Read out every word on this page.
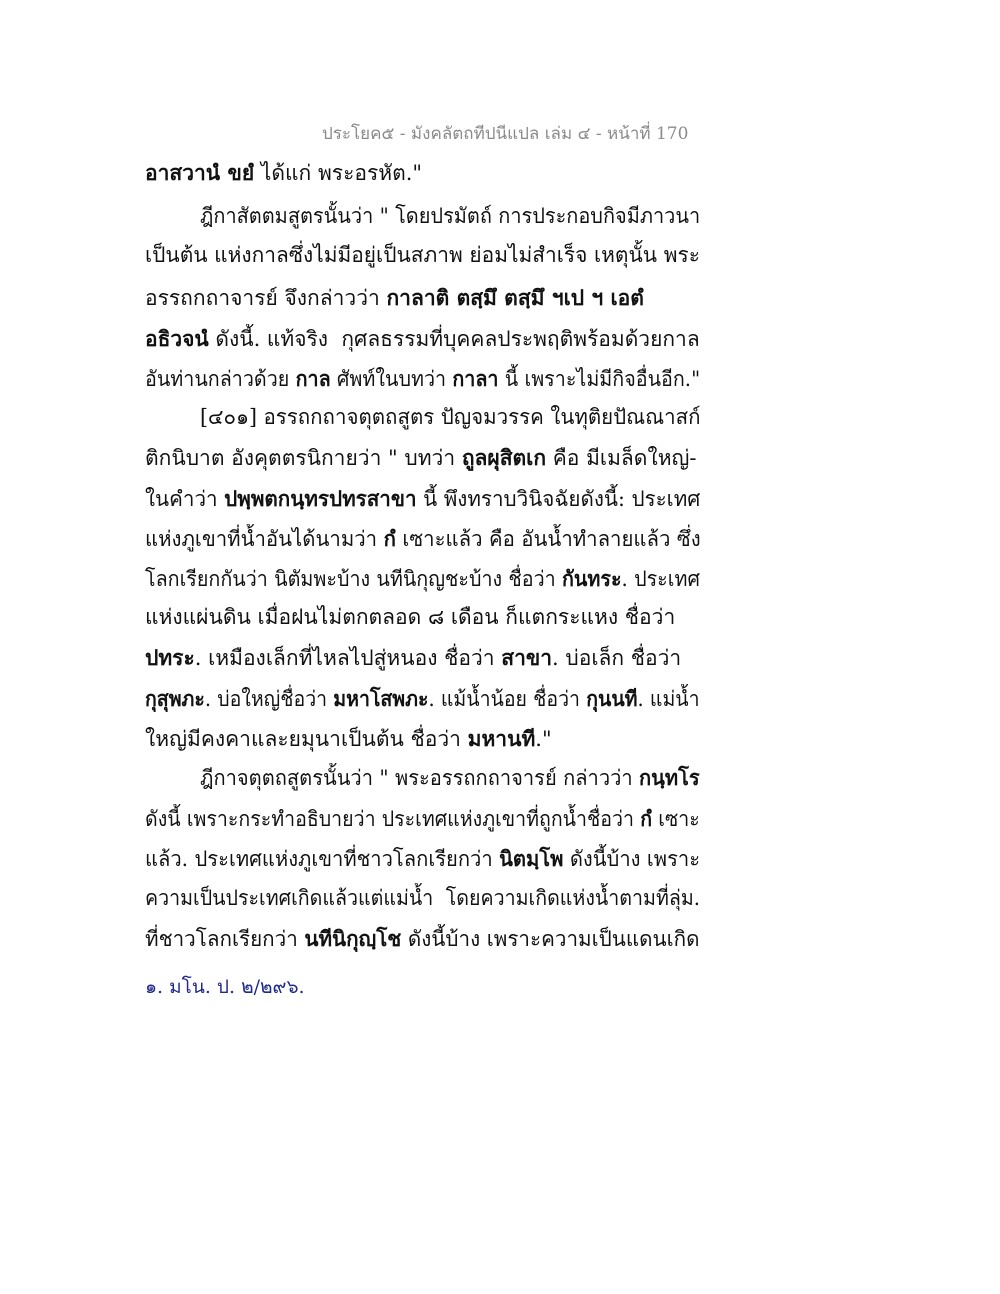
ประโยค๕ - มังคลัตถทีปนีแปล เล่ม ๔ - หน้าที่ 170
อาสวานํ ขยํ ได้แก่ พระอรหัต."
ฎีกาสัตตมสูตรนั้นว่า " โดยปรมัตถ์ การประกอบกิจมีภาวนา
เป็นต้น แห่งกาลซึ่งไม่มีอยู่เป็นสภาพ ย่อมไม่สำเร็จ เหตุนั้น พระ
อรรถกถาจารย์ จึงกล่าวว่า กาลาติ ตสฺมึ ตสฺมึ ฯเป ฯ เอตํ
อธิวจนํ ดังนี้. แท้จริง  กุศลธรรมที่บุคคลประพฤติพร้อมด้วยกาล
อันท่านกล่าวด้วย กาล ศัพท์ในบทว่า กาลา นี้ เพราะไม่มีกิจอื่นอีก."
[๔๐๑] อรรถกถาจตุตถสูตร ปัญจมวรรค ในทุติยปัณณาสก์
ติกนิบาต อังคุตตรนิกายว่า " บทว่า ถูลผุสิตเก คือ มีเมล็ดใหญ่-
ในคำว่า ปพฺพตกนฺทรปทรสาขา นี้ พึงทราบวินิจฉัยดังนี้: ประเทศ
แห่งภูเขาที่น้ำอันได้นามว่า กํ เซาะแล้ว คือ อันน้ำทำลายแล้ว ซึ่ง
โลกเรียกกันว่า นิตัมพะบ้าง นทีนิกุญชะบ้าง ชื่อว่า กันทระ. ประเทศ
แห่งแผ่นดิน เมื่อฝนไม่ตกตลอด ๘ เดือน ก็แตกระแหง ชื่อว่า
ปทระ. เหมืองเล็กที่ไหลไปสู่หนอง ชื่อว่า สาขา. บ่อเล็ก ชื่อว่า
กุสุพภะ. บ่อใหญ่ชื่อว่า มหาโสพภะ. แม้น้ำน้อย ชื่อว่า กุนนที. แม่น้ำ
ใหญ่มีคงคาและยมุนาเป็นต้น ชื่อว่า มหานที."
ฎีกาจตุตถสูตรนั้นว่า " พระอรรถกถาจารย์ กล่าวว่า กนฺทโร
ดังนี้ เพราะกระทำอธิบายว่า ประเทศแห่งภูเขาที่ถูกน้ำชื่อว่า กํ เซาะ
แล้ว. ประเทศแห่งภูเขาที่ชาวโลกเรียกว่า นิตมฺโพ ดังนี้บ้าง เพราะ
ความเป็นประเทศเกิดแล้วแต่แม่น้ำ  โดยความเกิดแห่งน้ำตามที่ลุ่ม.
ที่ชาวโลกเรียกว่า นทีนิกุญฺโช ดังนี้บ้าง เพราะความเป็นแดนเกิด
๑. มโน. ป. ๒/๒๙๖.
